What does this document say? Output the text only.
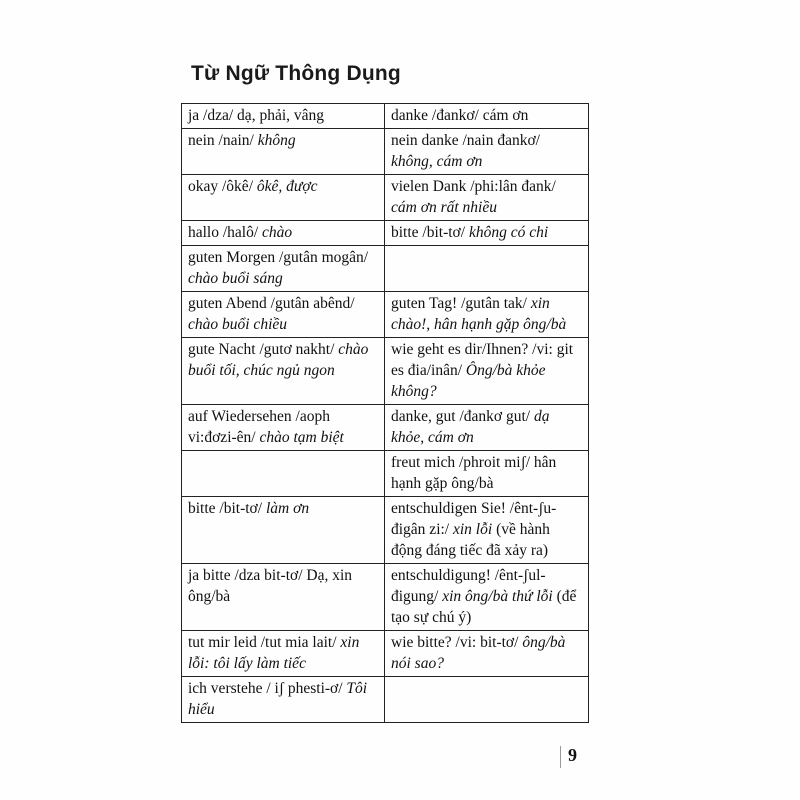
Từ Ngữ Thông Dụng
ja /dza/ dạ, phải, vâng	danke /đankơ/ cám ơn
nein /nain/ không	nein danke /nain đankơ/ không, cám ơn
okay /ôkê/ ôkê, được	vielen Dank /phi:lân đank/ cám ơn rất nhiều
hallo /halô/ chào	bitte /bit-tơ/ không có chi
guten Morgen /gutân mogân/ chào buổi sáng	
guten Abend /gutân abênd/ chào buổi chiều	guten Tag! /gutân tak/ xin chào!, hân hạnh gặp ông/bà
gute Nacht /gutơ nakht/ chào buổi tối, chúc ngủ ngon	wie geht es dir/Ihnen? /vi: git es đia/inân/ Ông/bà khỏe không?
auf Wiedersehen /aoph vi:đơzi-ên/ chào tạm biệt	danke, gut /đankơ gut/ dạ khỏe, cám ơn
	freut mich /phroit miʃ/ hân hạnh gặp ông/bà
bitte /bit-tơ/ làm ơn	entschuldigen Sie! /ênt-ʃu-đigân zi:/ xin lỗi (về hành động đáng tiếc đã xảy ra)
ja bitte /dza bit-tơ/ Dạ, xin ông/bà	entschuldigung! /ênt-ʃul-đigung/ xin ông/bà thứ lỗi (để tạo sự chú ý)
tut mir leid /tut mia lait/ xin lỗi: tôi lấy làm tiếc	wie bitte? /vi: bit-tơ/ ông/bà nói sao?
ich verstehe / iʃ phesti-ơ/ Tôi hiểu	
9
